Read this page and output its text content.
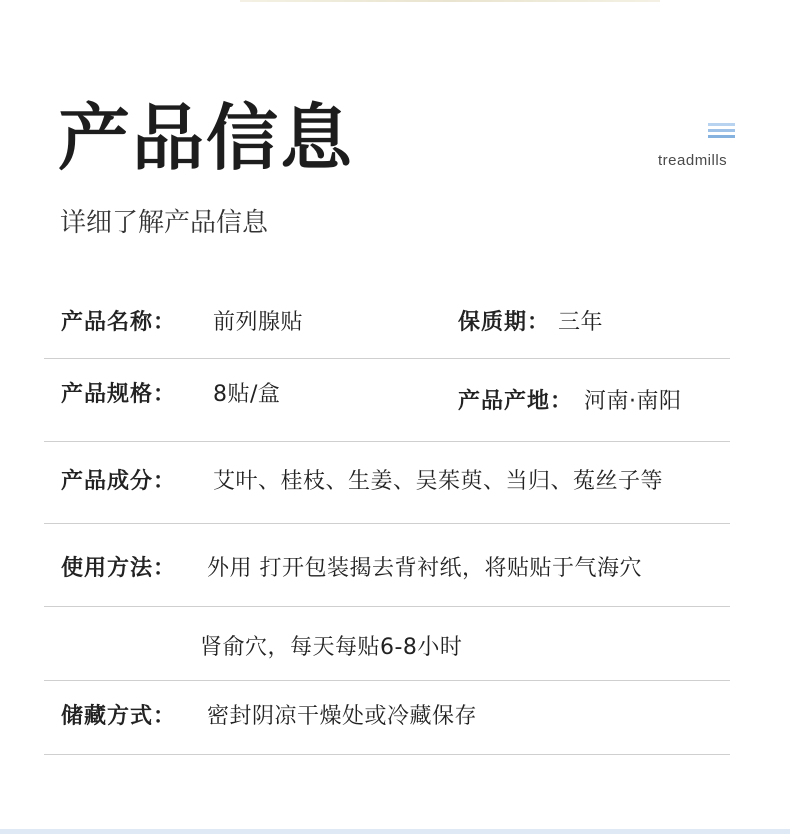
产品信息	treadmills
详细了解产品信息
产品名称： 前列腺贴	保质期： 三年
产品规格： 8贴/盒	产品产地： 河南·南阳
产品成分： 艾叶、桂枝、生姜、吴茱萸、当归、菟丝子等
使用方法： 外用 打开包装揭去背衬纸，将贴贴于气海穴
肾俞穴，每天每贴6-8小时
储藏方式： 密封阴凉干燥处或冷藏保存
